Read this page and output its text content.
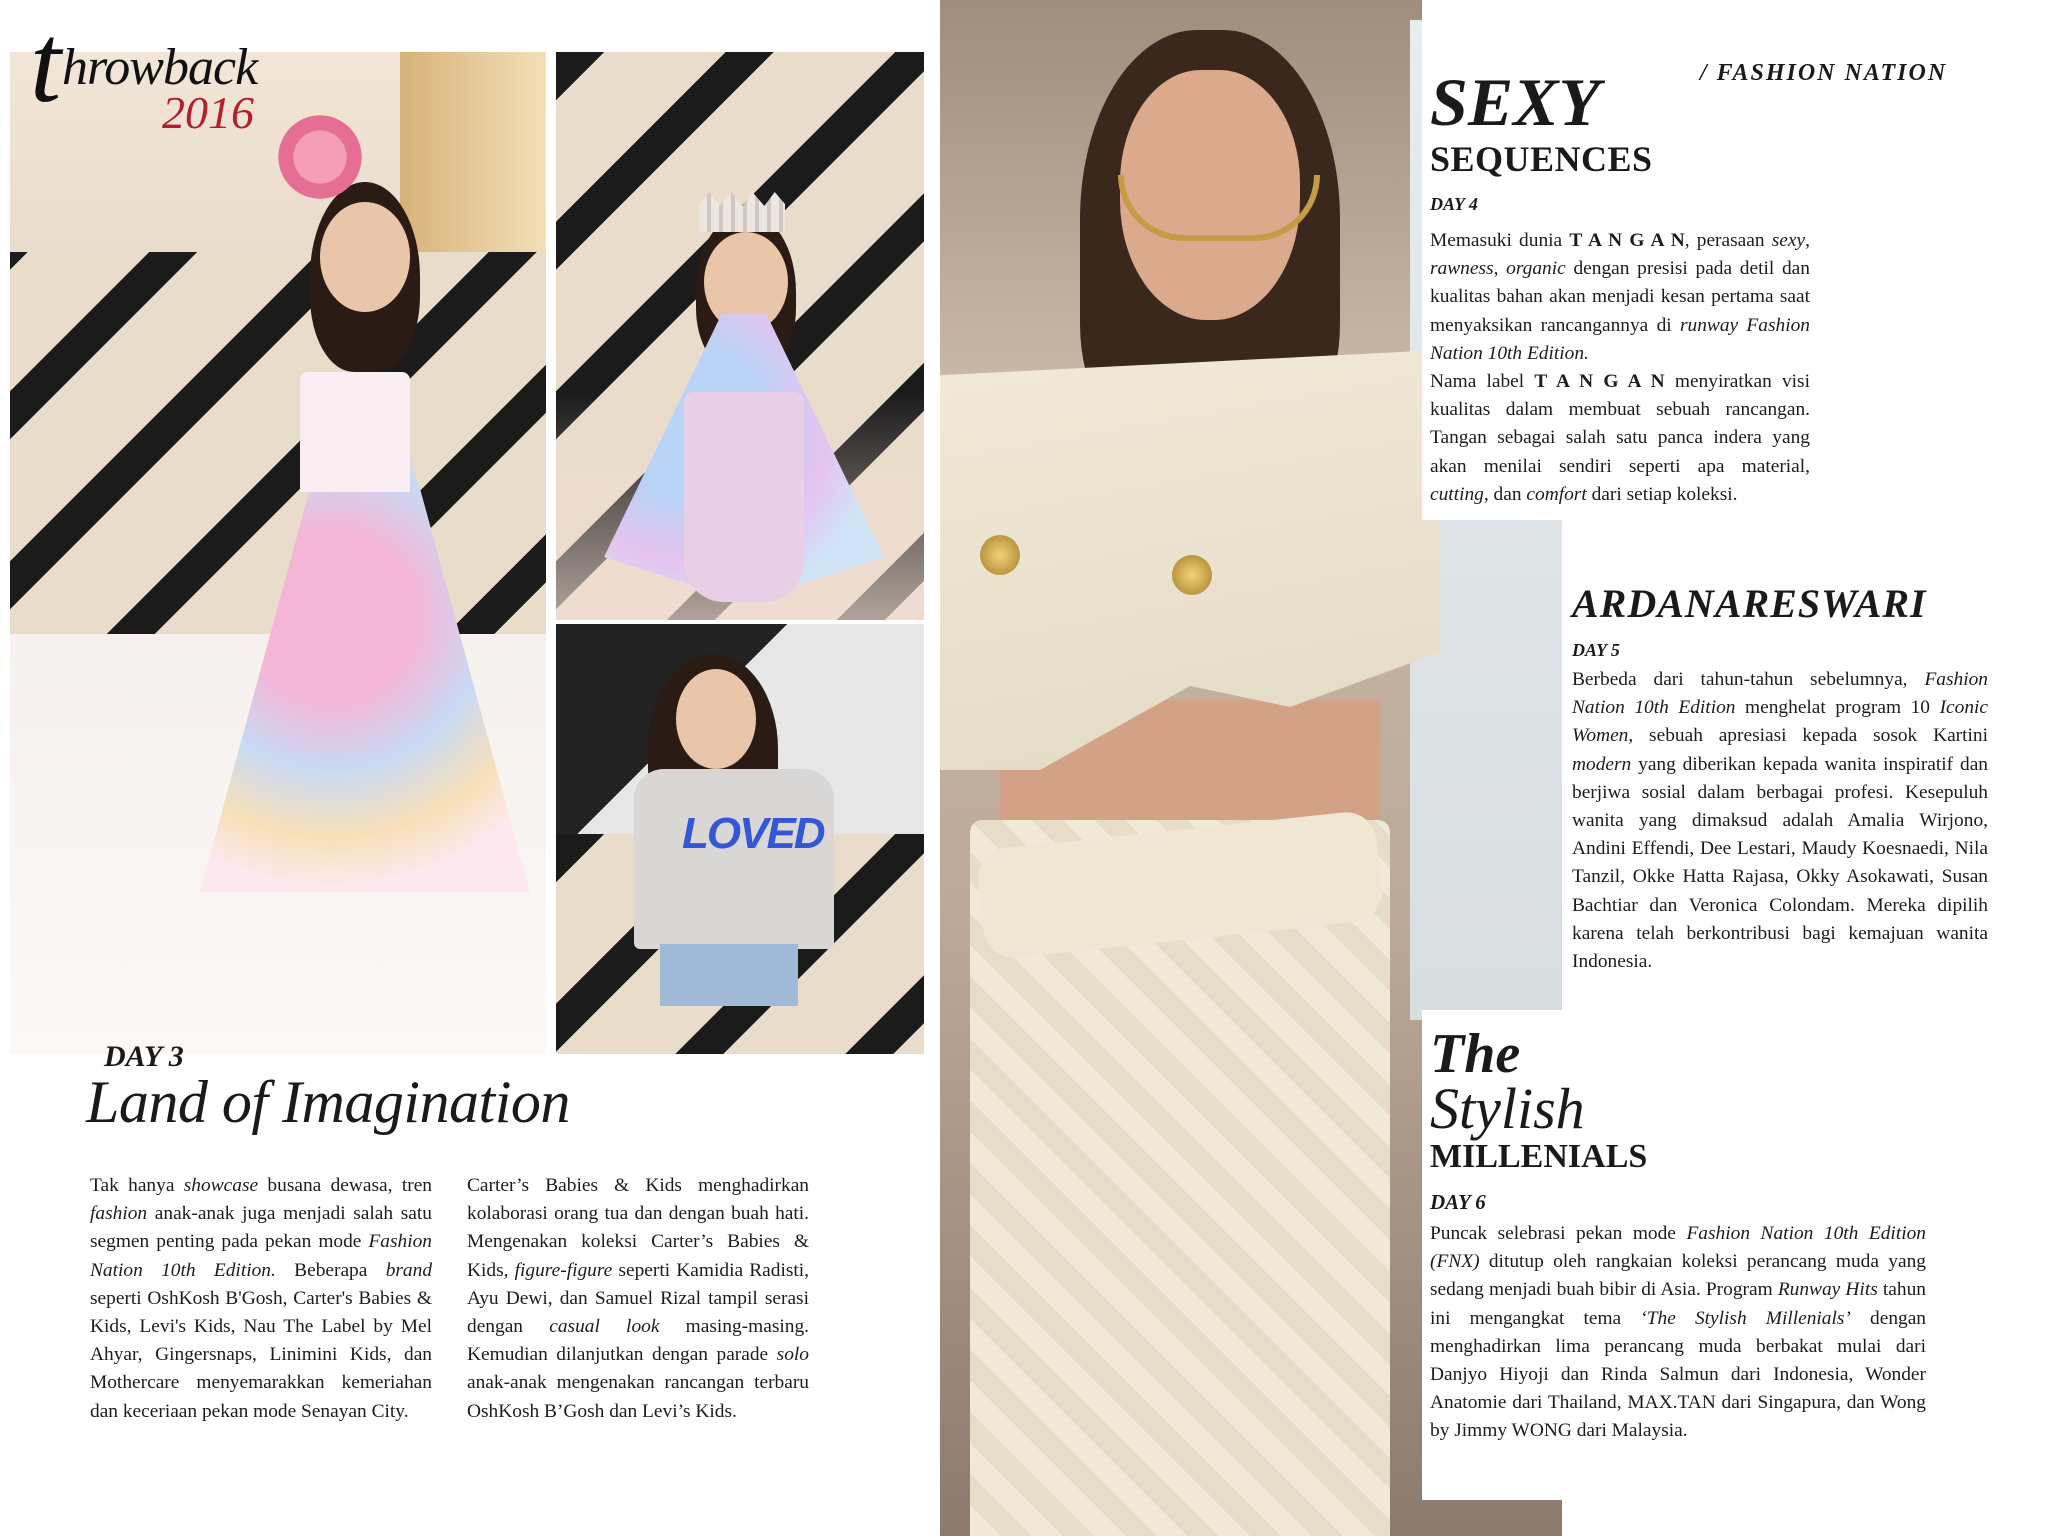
LOVED
t hrowback
2016
DAY 3
Land of Imagination
Tak hanya showcase busana dewasa, tren fashion anak-anak juga menjadi salah satu segmen penting pada pekan mode Fashion Nation 10th Edition. Beberapa brand seperti OshKosh B'Gosh, Carter's Babies & Kids, Levi's Kids, Nau The Label by Mel Ahyar, Gingersnaps, Linimini Kids, dan Mothercare menyemarakkan kemeriahan dan keceriaan pekan mode Senayan City.
Carter’s Babies & Kids menghadirkan kolaborasi orang tua dan dengan buah hati. Mengenakan koleksi Carter’s Babies & Kids, figure-figure seperti Kamidia Radisti, Ayu Dewi, dan Samuel Rizal tampil serasi dengan casual look masing-masing. Kemudian dilanjutkan dengan parade solo anak-anak mengenakan rancangan terbaru OshKosh B’Gosh dan Levi’s Kids.
/ FASHION NATION
SEXY
SEQUENCES
DAY 4
Memasuki dunia T A N G A N, perasaan sexy, rawness, organic dengan presisi pada detil dan kualitas bahan akan menjadi kesan pertama saat menyaksikan rancangannya di runway Fashion Nation 10th Edition.
Nama label T A N G A N menyiratkan visi kualitas dalam membuat sebuah rancangan. Tangan sebagai salah satu panca indera yang akan menilai sendiri seperti apa material, cutting, dan comfort dari setiap koleksi.
ARDANARESWARI
DAY 5
Berbeda dari tahun-tahun sebelumnya, Fashion Nation 10th Edition menghelat program 10 Iconic Women, sebuah apresiasi kepada sosok Kartini modern yang diberikan kepada wanita inspiratif dan berjiwa sosial dalam berbagai profesi. Kesepuluh wanita yang dimaksud adalah Amalia Wirjono, Andini Effendi, Dee Lestari, Maudy Koesnaedi, Nila Tanzil, Okke Hatta Rajasa, Okky Asokawati, Susan Bachtiar dan Veronica Colondam. Mereka dipilih karena telah berkontribusi bagi kemajuan wanita Indonesia.
The
Stylish
MILLENIALS
DAY 6
Puncak selebrasi pekan mode Fashion Nation 10th Edition (FNX) ditutup oleh rangkaian koleksi perancang muda yang sedang menjadi buah bibir di Asia. Program Runway Hits tahun ini mengangkat tema ‘The Stylish Millenials’ dengan menghadirkan lima perancang muda berbakat mulai dari Danjyo Hiyoji dan Rinda Salmun dari Indonesia, Wonder Anatomie dari Thailand, MAX.TAN dari Singapura, dan Wong by Jimmy WONG dari Malaysia.
